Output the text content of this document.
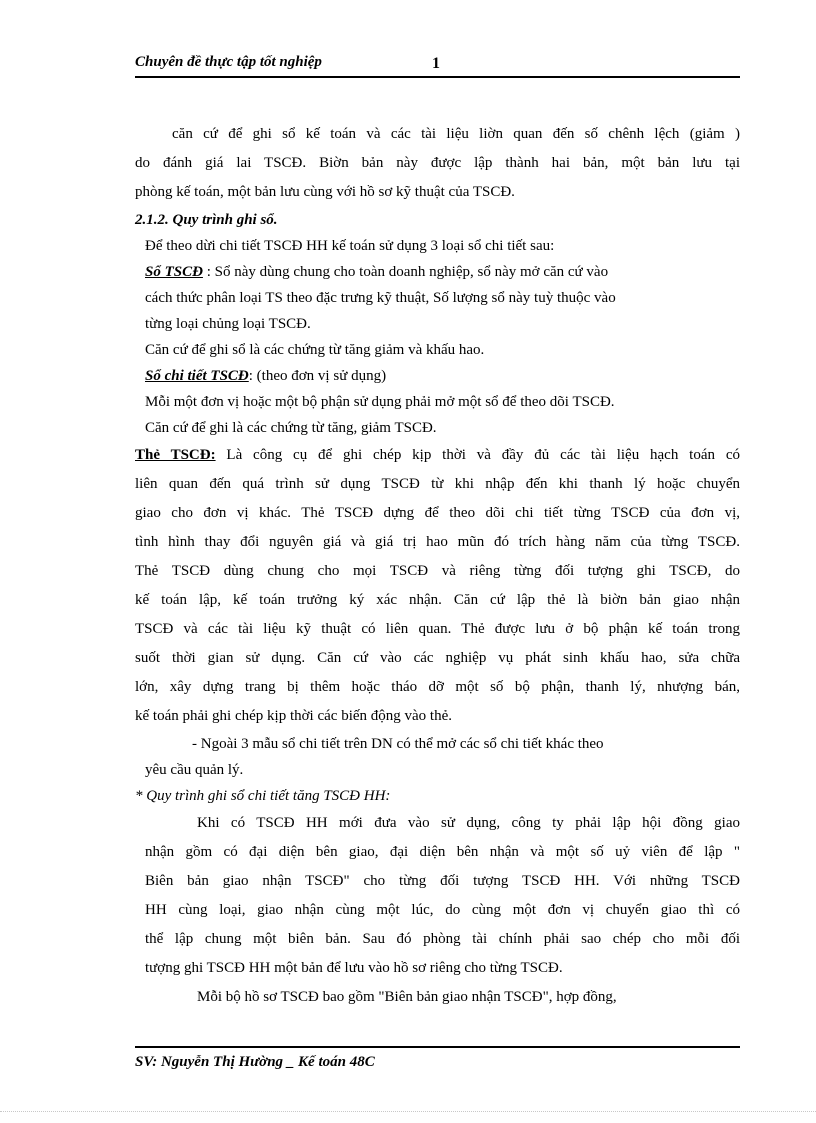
Chuyên đề thực tập tốt nghiệp	1
căn cứ để ghi sổ kế toán và các tài liệu liờn quan đến số chênh lệch (giảm )
do đánh giá lai TSCĐ. Biờn bản này được lập thành hai bản, một bản lưu tại
phòng kế toán, một bản lưu cùng với hồ sơ kỹ thuật của TSCĐ.
2.1.2. Quy trình ghi sổ.
Để theo dừi chi tiết TSCĐ HH kế toán sử dụng 3 loại sổ chi tiết sau:
Sổ TSCĐ : Sổ này dùng chung cho toàn doanh nghiệp, sổ này mở căn cứ vào
cách thức phân loại TS theo đặc trưng kỹ thuật, Số lượng sổ này tuỳ thuộc vào
từng loại chủng loại TSCĐ.
Căn cứ để ghi sổ là các chứng từ tăng giảm và khấu hao.
Sổ chi tiết TSCĐ: (theo đơn vị sử dụng)
Mỗi một đơn vị hoặc một bộ phận sử dụng phải mở một sổ để theo dõi TSCĐ.
Căn cứ để ghi là các chứng từ tăng, giảm TSCĐ.
Thẻ TSCĐ: Là công cụ để ghi chép kịp thời và đầy đủ các tài liệu hạch toán có
liên quan đến quá trình sử dụng TSCĐ từ khi nhập đến khi thanh lý hoặc chuyển
giao cho đơn vị khác. Thẻ TSCĐ dựng để theo dõi chi tiết từng TSCĐ của đơn vị,
tình hình thay đổi nguyên giá và giá trị hao mũn đó trích hàng năm của từng TSCĐ.
Thẻ TSCĐ dùng chung cho mọi TSCĐ và riêng từng đối tượng ghi TSCĐ, do
kế toán lập, kế toán trưởng ký xác nhận. Căn cứ lập thẻ là biờn bản giao nhận
TSCĐ và các tài liệu kỹ thuật có liên quan. Thẻ được lưu ở bộ phận kế toán trong
suốt thời gian sử dụng. Căn cứ vào các nghiệp vụ phát sinh khấu hao, sửa chữa
lớn, xây dựng trang bị thêm hoặc tháo dỡ một số bộ phận, thanh lý, nhượng bán,
kế toán phải ghi chép kịp thời các biến động vào thẻ.
- Ngoài 3 mẫu sổ chi tiết trên DN có thể mở các sổ chi tiết khác theo
yêu cầu quản lý.
* Quy trình ghi sổ chi tiết tăng TSCĐ HH:
Khi có TSCĐ HH mới đưa vào sử dụng, công ty phải lập hội đồng giao
nhận gồm có đại diện bên giao, đại diện bên nhận và một số uỷ viên để lập "
Biên bản giao nhận TSCĐ" cho từng đối tượng TSCĐ HH. Với những TSCĐ
HH cùng loại, giao nhận cùng một lúc, do cùng một đơn vị chuyển giao thì có
thể lập chung một biên bản. Sau đó phòng tài chính phải sao chép cho mỗi đối
tượng ghi TSCĐ HH một bản để lưu vào hồ sơ riêng cho từng TSCĐ.
Mỗi bộ hồ sơ TSCĐ bao gồm "Biên bản giao nhận TSCĐ", hợp đồng,
SV: Nguyễn Thị Hường _ Kế toán 48C
